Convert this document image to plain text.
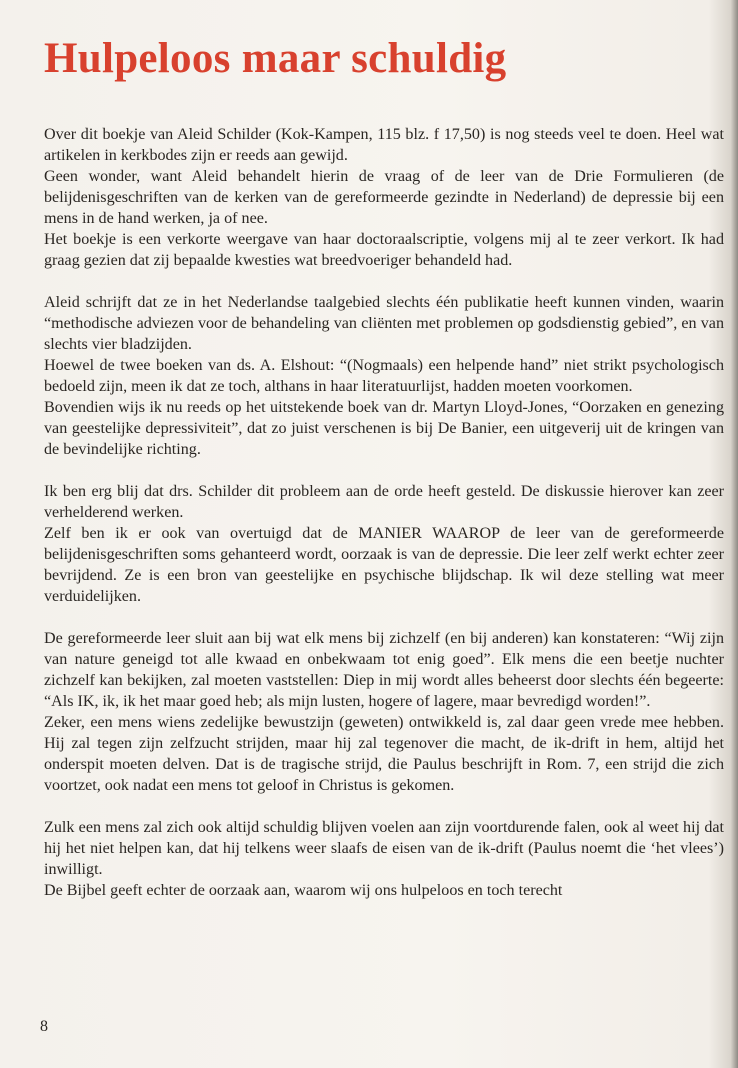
Hulpeloos maar schuldig

Over dit boekje van Aleid Schilder (Kok-Kampen, 115 blz. f 17,50) is nog steeds veel te doen. Heel wat artikelen in kerkbodes zijn er reeds aan gewijd.
Geen wonder, want Aleid behandelt hierin de vraag of de leer van de Drie Formulieren (de belijdenisgeschriften van de kerken van de gereformeerde gezindte in Nederland) de depressie bij een mens in de hand werken, ja of nee.
Het boekje is een verkorte weergave van haar doctoraalscriptie, volgens mij al te zeer verkort. Ik had graag gezien dat zij bepaalde kwesties wat breedvoeriger behandeld had.

Aleid schrijft dat ze in het Nederlandse taalgebied slechts één publikatie heeft kunnen vinden, waarin “methodische adviezen voor de behandeling van cliënten met problemen op godsdienstig gebied”, en van slechts vier bladzijden.
Hoewel de twee boeken van ds. A. Elshout: “(Nogmaals) een helpende hand” niet strikt psychologisch bedoeld zijn, meen ik dat ze toch, althans in haar literatuurlijst, hadden moeten voorkomen.
Bovendien wijs ik nu reeds op het uitstekende boek van dr. Martyn Lloyd-Jones, “Oorzaken en genezing van geestelijke depressiviteit”, dat zo juist verschenen is bij De Banier, een uitgeverij uit de kringen van de bevindelijke richting.

Ik ben erg blij dat drs. Schilder dit probleem aan de orde heeft gesteld. De diskussie hierover kan zeer verhelderend werken.
Zelf ben ik er ook van overtuigd dat de MANIER WAAROP de leer van de gereformeerde belijdenisgeschriften soms gehanteerd wordt, oorzaak is van de depressie. Die leer zelf werkt echter zeer bevrijdend. Ze is een bron van geestelijke en psychische blijdschap. Ik wil deze stelling wat meer verduidelijken.

De gereformeerde leer sluit aan bij wat elk mens bij zichzelf (en bij anderen) kan konstateren: “Wij zijn van nature geneigd tot alle kwaad en onbekwaam tot enig goed”. Elk mens die een beetje nuchter zichzelf kan bekijken, zal moeten vaststellen: Diep in mij wordt alles beheerst door slechts één begeerte: “Als IK, ik, ik het maar goed heb; als mijn lusten, hogere of lagere, maar bevredigd worden!”.
Zeker, een mens wiens zedelijke bewustzijn (geweten) ontwikkeld is, zal daar geen vrede mee hebben. Hij zal tegen zijn zelfzucht strijden, maar hij zal tegenover die macht, de ik-drift in hem, altijd het onderspit moeten delven. Dat is de tragische strijd, die Paulus beschrijft in Rom. 7, een strijd die zich voortzet, ook nadat een mens tot geloof in Christus is gekomen.

Zulk een mens zal zich ook altijd schuldig blijven voelen aan zijn voortdurende falen, ook al weet hij dat hij het niet helpen kan, dat hij telkens weer slaafs de eisen van de ik-drift (Paulus noemt die ‘het vlees’) inwilligt.
De Bijbel geeft echter de oorzaak aan, waarom wij ons hulpeloos en toch terecht

8
